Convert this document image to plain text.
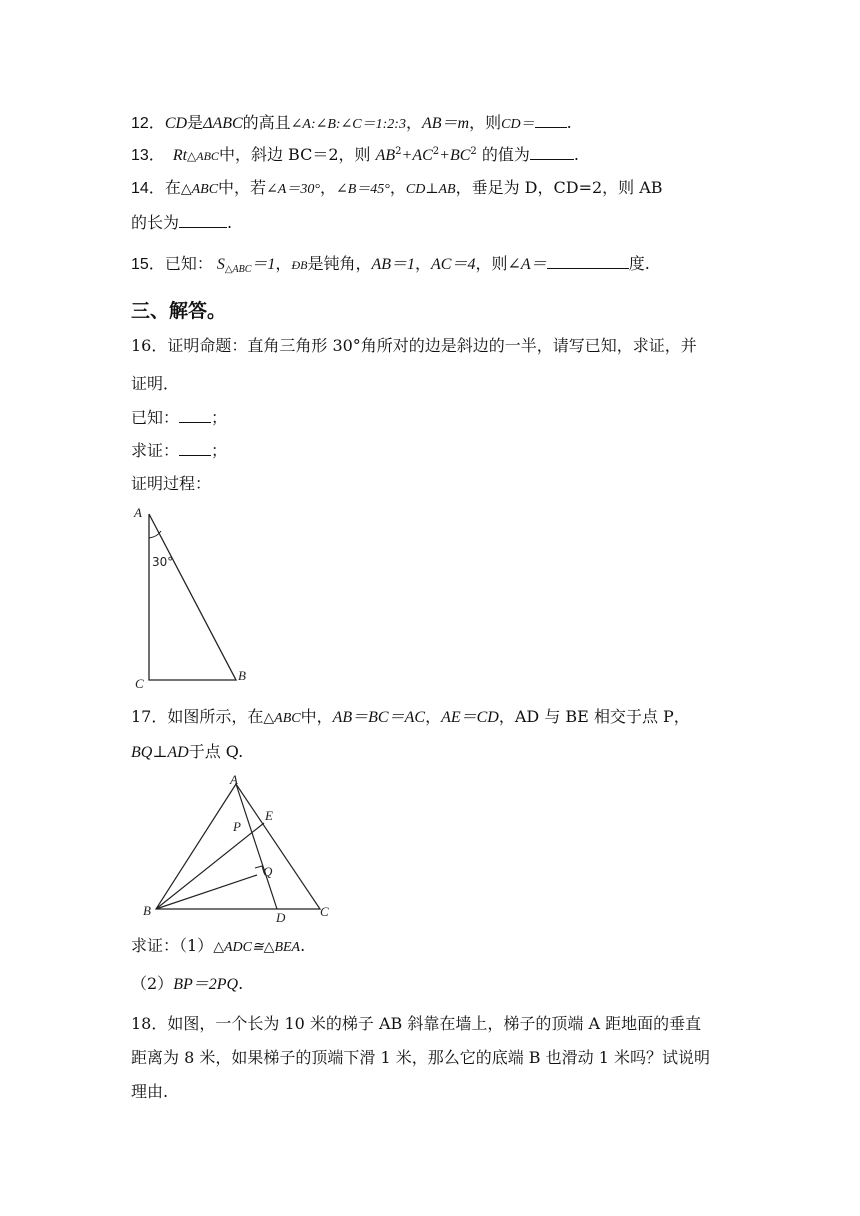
12．CD是ΔABC的高且∠A:∠B:∠C＝1:2:3，AB＝m，则CD＝ .
13． Rt△ABC中，斜边 BC＝2，则 $AB^2+AC^2+BC^2$ 的值为	.
14．在△ABC中，若∠A＝30°，∠B＝45°，CD⊥AB，垂足为 D，CD=2，则 AB
的长为	.
15．已知： $S_{\triangle ABC}=1$，ÐB是钝角，AB＝1，AC＝4，则∠A＝	度.
三、解答。
16．证明命题：直角三角形 30°角所对的边是斜边的一半，请写已知，求证，并
证明．
已知： ；
求证： ；
证明过程：
A
B
C
30°
17．如图所示，在△ABC中，AB＝BC＝AC，AE＝CD，AD 与 BE 相交于点 P，
BQ⊥AD于点 Q.
A
B	C
D
E
P
Q
求证：（1）△ADC≅△BEA.
（2）BP＝2PQ.
18．如图，一个长为 10 米的梯子 AB 斜靠在墙上，梯子的顶端 A 距地面的垂直
距离为 8 米，如果梯子的顶端下滑 1 米，那么它的底端 B 也滑动 1 米吗？试说明
理由.
